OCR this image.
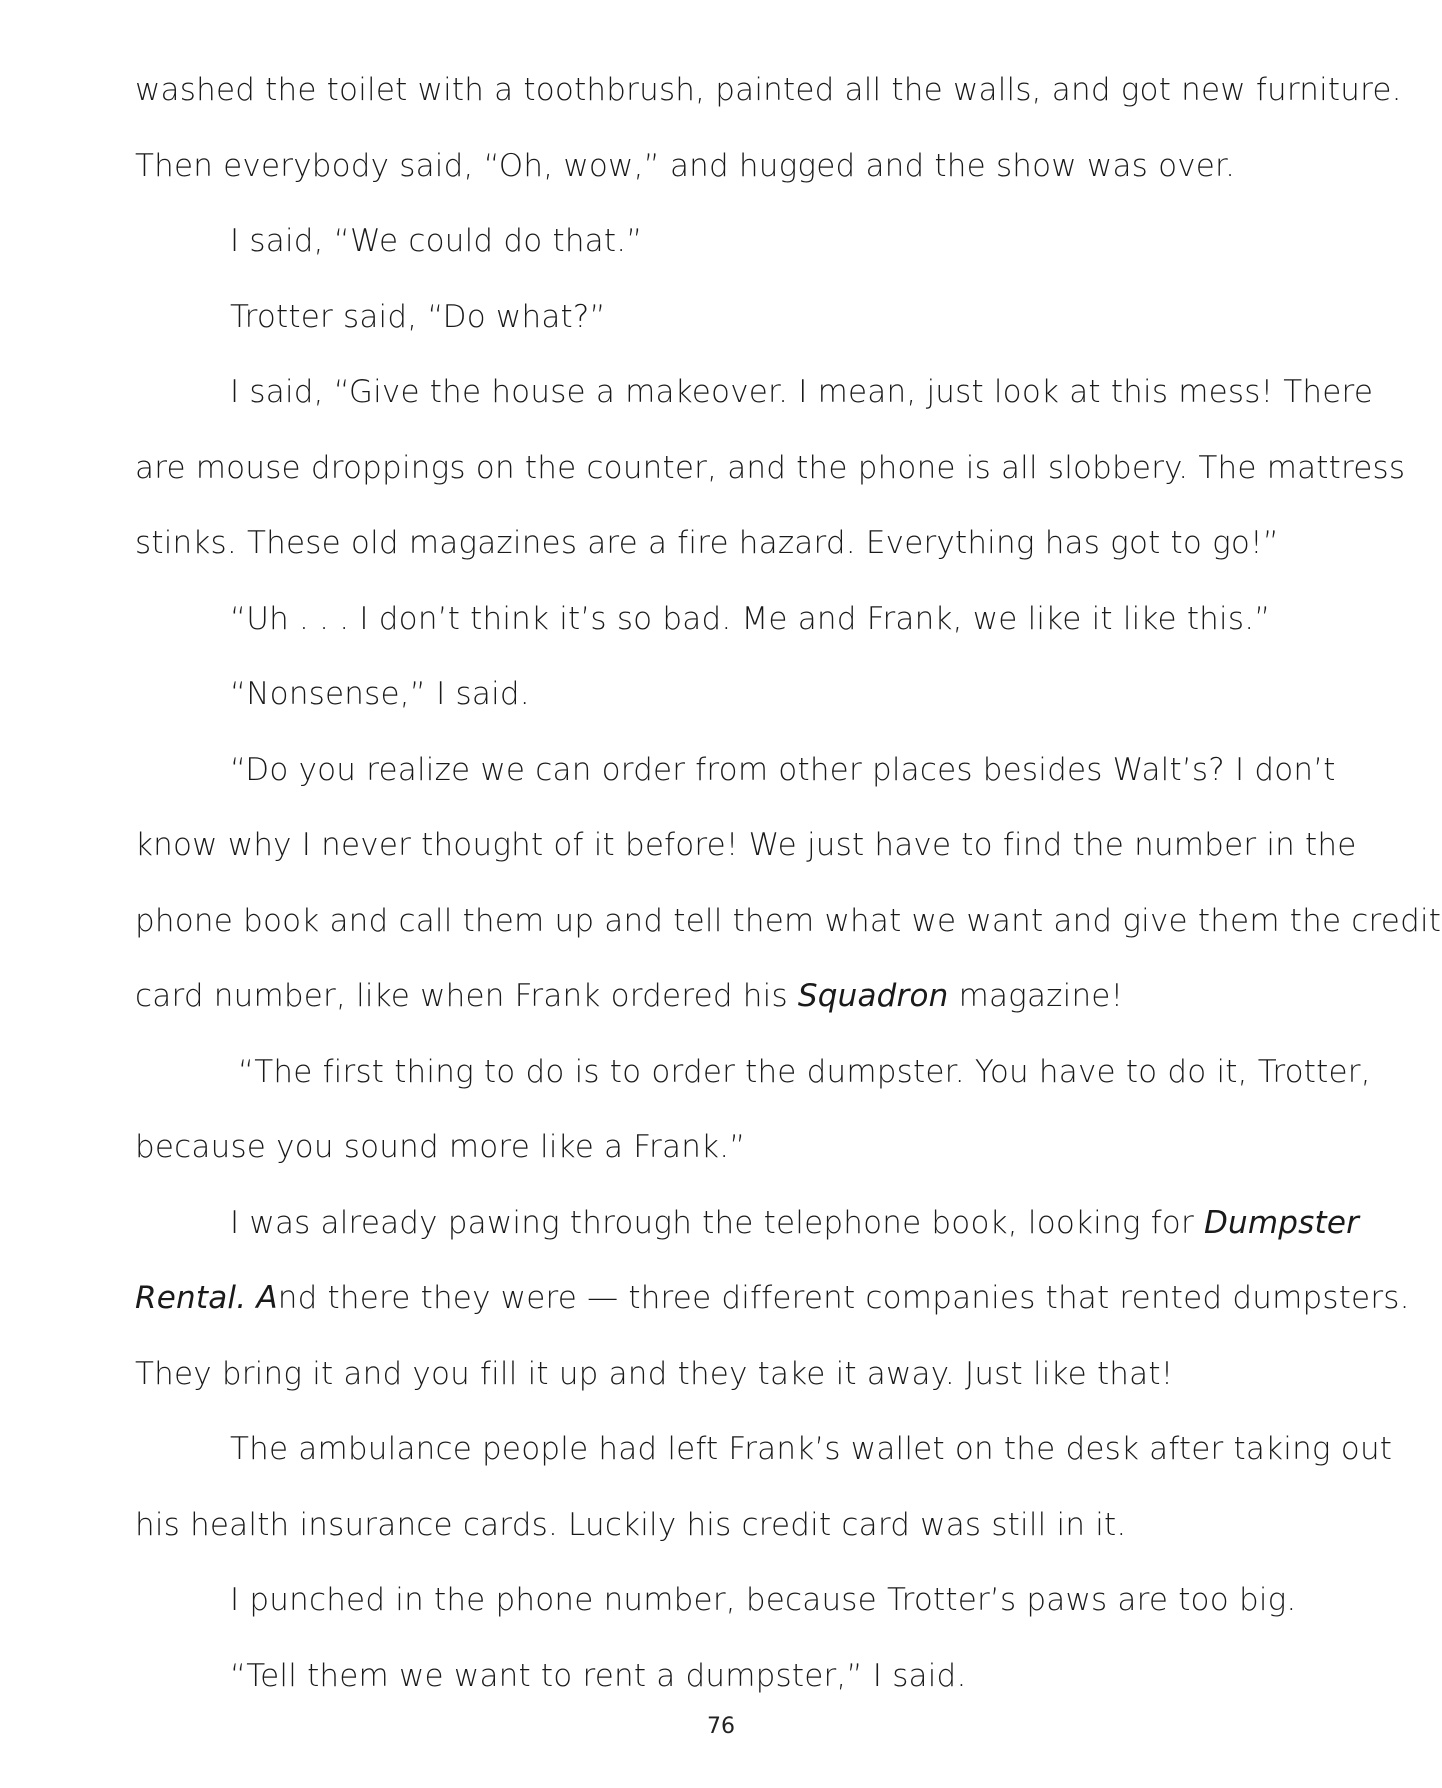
washed the toilet with a toothbrush, painted all the walls, and got new furniture.
Then everybody said, “Oh, wow,” and hugged and the show was over.
I said, “We could do that.”
Trotter said, “Do what?”
I said, “Give the house a makeover. I mean, just look at this mess! There
are mouse droppings on the counter, and the phone is all slobbery. The mattress
stinks. These old magazines are a fire hazard. Everything has got to go!”
“Uh . . . I don’t think it’s so bad. Me and Frank, we like it like this.”
“Nonsense,” I said.
“Do you realize we can order from other places besides Walt’s? I don’t
know why I never thought of it before! We just have to find the number in the
phone book and call them up and tell them what we want and give them the credit
card number, like when Frank ordered his Squadron magazine!
“The first thing to do is to order the dumpster. You have to do it, Trotter,
because you sound more like a Frank.”
I was already pawing through the telephone book, looking for Dumpster
Rental. And there they were — three different companies that rented dumpsters.
They bring it and you fill it up and they take it away. Just like that!
The ambulance people had left Frank’s wallet on the desk after taking out
his health insurance cards. Luckily his credit card was still in it.
I punched in the phone number, because Trotter’s paws are too big.
“Tell them we want to rent a dumpster,” I said.
76
